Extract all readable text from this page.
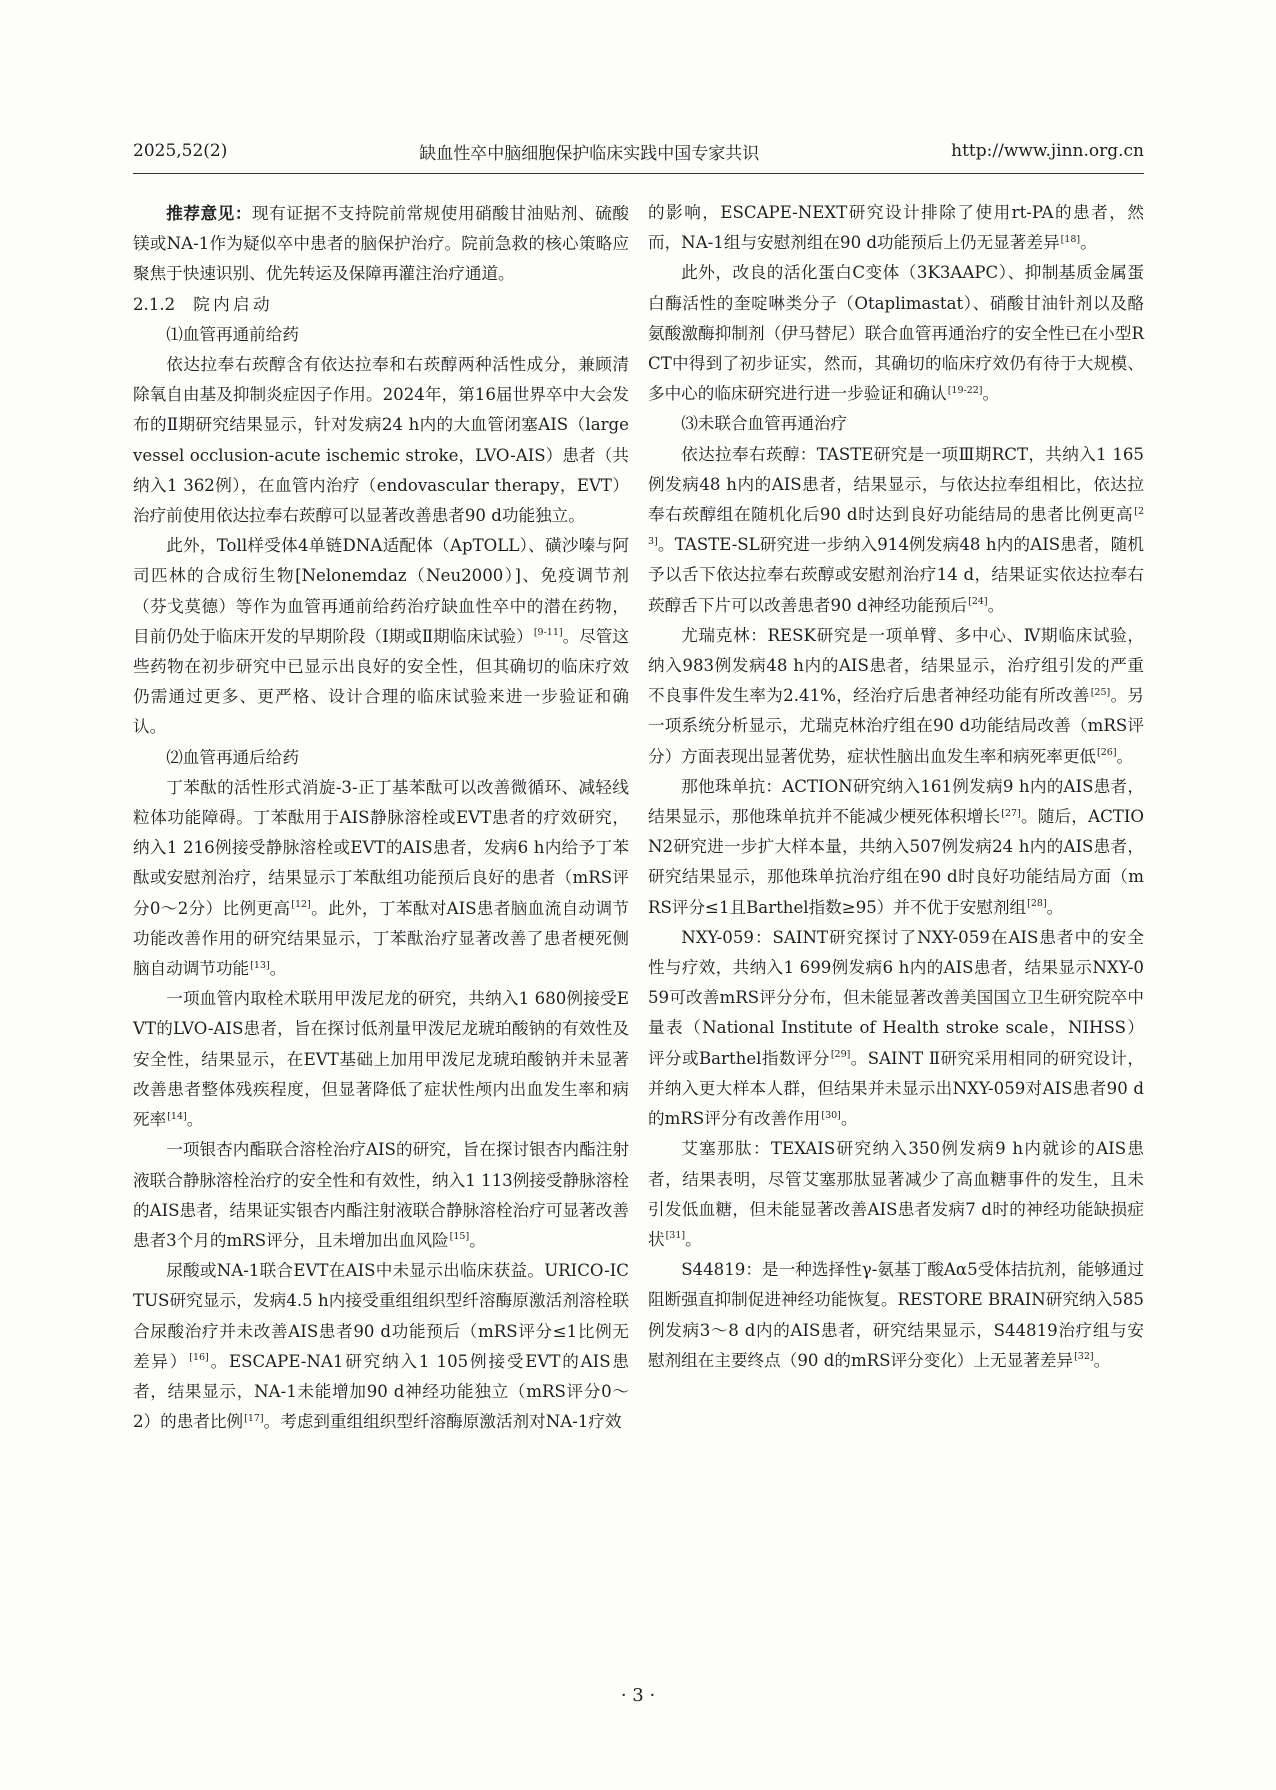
2025,52(2)	缺血性卒中脑细胞保护临床实践中国专家共识	http://www.jinn.org.cn

推荐意见：现有证据不支持院前常规使用硝酸甘油贴剂、硫酸镁或NA-1作为疑似卒中患者的脑保护治疗。院前急救的核心策略应聚焦于快速识别、优先转运及保障再灌注治疗通道。

2.1.2 院内启动

⑴血管再通前给药

依达拉奉右莰醇含有依达拉奉和右莰醇两种活性成分，兼顾清除氧自由基及抑制炎症因子作用。2024年，第16届世界卒中大会发布的Ⅱ期研究结果显示，针对发病24 h内的大血管闭塞AIS（large vessel occlusion-acute ischemic stroke，LVO-AIS）患者（共纳入1 362例），在血管内治疗（endovascular therapy，EVT）治疗前使用依达拉奉右莰醇可以显著改善患者90 d功能独立。

此外，Toll样受体4单链DNA适配体（ApTOLL）、磺沙嗪与阿司匹林的合成衍生物[Nelonemdaz（Neu2000）]、免疫调节剂（芬戈莫德）等作为血管再通前给药治疗缺血性卒中的潜在药物，目前仍处于临床开发的早期阶段（Ⅰ期或Ⅱ期临床试验）[9-11]。尽管这些药物在初步研究中已显示出良好的安全性，但其确切的临床疗效仍需通过更多、更严格、设计合理的临床试验来进一步验证和确认。

⑵血管再通后给药

丁苯酞的活性形式消旋-3-正丁基苯酞可以改善微循环、减轻线粒体功能障碍。丁苯酞用于AIS静脉溶栓或EVT患者的疗效研究，纳入1 216例接受静脉溶栓或EVT的AIS患者，发病6 h内给予丁苯酞或安慰剂治疗，结果显示丁苯酞组功能预后良好的患者（mRS评分0～2分）比例更高[12]。此外，丁苯酞对AIS患者脑血流自动调节功能改善作用的研究结果显示，丁苯酞治疗显著改善了患者梗死侧脑自动调节功能[13]。

一项血管内取栓术联用甲泼尼龙的研究，共纳入1 680例接受EVT的LVO-AIS患者，旨在探讨低剂量甲泼尼龙琥珀酸钠的有效性及安全性，结果显示，在EVT基础上加用甲泼尼龙琥珀酸钠并未显著改善患者整体残疾程度，但显著降低了症状性颅内出血发生率和病死率[14]。

一项银杏内酯联合溶栓治疗AIS的研究，旨在探讨银杏内酯注射液联合静脉溶栓治疗的安全性和有效性，纳入1 113例接受静脉溶栓的AIS患者，结果证实银杏内酯注射液联合静脉溶栓治疗可显著改善患者3个月的mRS评分，且未增加出血风险[15]。

尿酸或NA-1联合EVT在AIS中未显示出临床获益。URICO-ICTUS研究显示，发病4.5 h内接受重组组织型纤溶酶原激活剂溶栓联合尿酸治疗并未改善AIS患者90 d功能预后（mRS评分≤1比例无差异）[16]。ESCAPE-NA1研究纳入1 105例接受EVT的AIS患者，结果显示，NA-1未能增加90 d神经功能独立（mRS评分0～2）的患者比例[17]。考虑到重组组织型纤溶酶原激活剂对NA-1疗效

的影响，ESCAPE-NEXT研究设计排除了使用rt-PA的患者，然而，NA-1组与安慰剂组在90 d功能预后上仍无显著差异[18]。

此外，改良的活化蛋白C变体（3K3AAPC）、抑制基质金属蛋白酶活性的奎啶啉类分子（Otaplimastat）、硝酸甘油针剂以及酪氨酸激酶抑制剂（伊马替尼）联合血管再通治疗的安全性已在小型RCT中得到了初步证实，然而，其确切的临床疗效仍有待于大规模、多中心的临床研究进行进一步验证和确认[19-22]。

⑶未联合血管再通治疗

依达拉奉右莰醇：TASTE研究是一项Ⅲ期RCT，共纳入1 165例发病48 h内的AIS患者，结果显示，与依达拉奉组相比，依达拉奉右莰醇组在随机化后90 d时达到良好功能结局的患者比例更高[23]。TASTE-SL研究进一步纳入914例发病48 h内的AIS患者，随机予以舌下依达拉奉右莰醇或安慰剂治疗14 d，结果证实依达拉奉右莰醇舌下片可以改善患者90 d神经功能预后[24]。

尤瑞克林：RESK研究是一项单臂、多中心、Ⅳ期临床试验，纳入983例发病48 h内的AIS患者，结果显示，治疗组引发的严重不良事件发生率为2.41%，经治疗后患者神经功能有所改善[25]。另一项系统分析显示，尤瑞克林治疗组在90 d功能结局改善（mRS评分）方面表现出显著优势，症状性脑出血发生率和病死率更低[26]。

那他珠单抗：ACTION研究纳入161例发病9 h内的AIS患者，结果显示，那他珠单抗并不能减少梗死体积增长[27]。随后，ACTION2研究进一步扩大样本量，共纳入507例发病24 h内的AIS患者，研究结果显示，那他珠单抗治疗组在90 d时良好功能结局方面（mRS评分≤1且Barthel指数≥95）并不优于安慰剂组[28]。

NXY-059：SAINT研究探讨了NXY-059在AIS患者中的安全性与疗效，共纳入1 699例发病6 h内的AIS患者，结果显示NXY-059可改善mRS评分分布，但未能显著改善美国国立卫生研究院卒中量表（National Institute of Health stroke scale，NIHSS）评分或Barthel指数评分[29]。SAINT Ⅱ研究采用相同的研究设计，并纳入更大样本人群，但结果并未显示出NXY-059对AIS患者90 d的mRS评分有改善作用[30]。

艾塞那肽：TEXAIS研究纳入350例发病9 h内就诊的AIS患者，结果表明，尽管艾塞那肽显著减少了高血糖事件的发生，且未引发低血糖，但未能显著改善AIS患者发病7 d时的神经功能缺损症状[31]。

S44819：是一种选择性γ-氨基丁酸Aα5受体拮抗剂，能够通过阻断强直抑制促进神经功能恢复。RESTORE BRAIN研究纳入585例发病3～8 d内的AIS患者，研究结果显示，S44819治疗组与安慰剂组在主要终点（90 d的mRS评分变化）上无显著差异[32]。

· 3 ·
